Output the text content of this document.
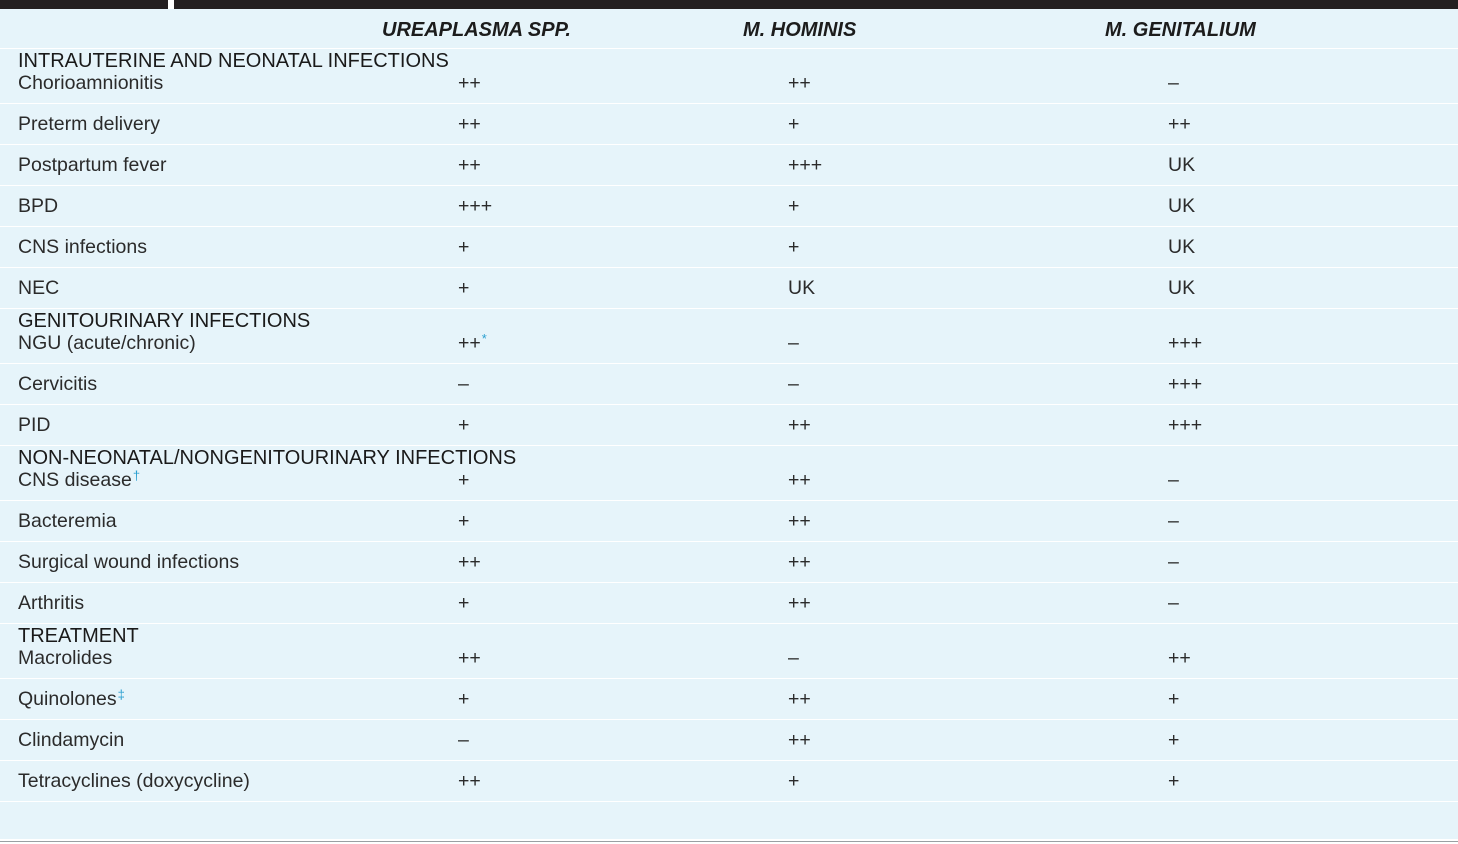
UREAPLASMA SPP.	M. HOMINIS	M. GENITALIUM
INTRAUTERINE AND NEONATAL INFECTIONS
Chorioamnionitis	++	++	–
Preterm delivery	++	+	++
Postpartum fever	++	+++	UK
BPD	+++	+	UK
CNS infections	+	+	UK
NEC	+	UK	UK
GENITOURINARY INFECTIONS
NGU (acute/chronic)	++*	–	+++
Cervicitis	–	–	+++
PID	+	++	+++
NON-NEONATAL/NONGENITOURINARY INFECTIONS
CNS disease†	+	++	–
Bacteremia	+	++	–
Surgical wound infections	++	++	–
Arthritis	+	++	–
TREATMENT
Macrolides	++	–	++
Quinolones‡	+	++	+
Clindamycin	–	++	+
Tetracyclines (doxycycline)	++	+	+
